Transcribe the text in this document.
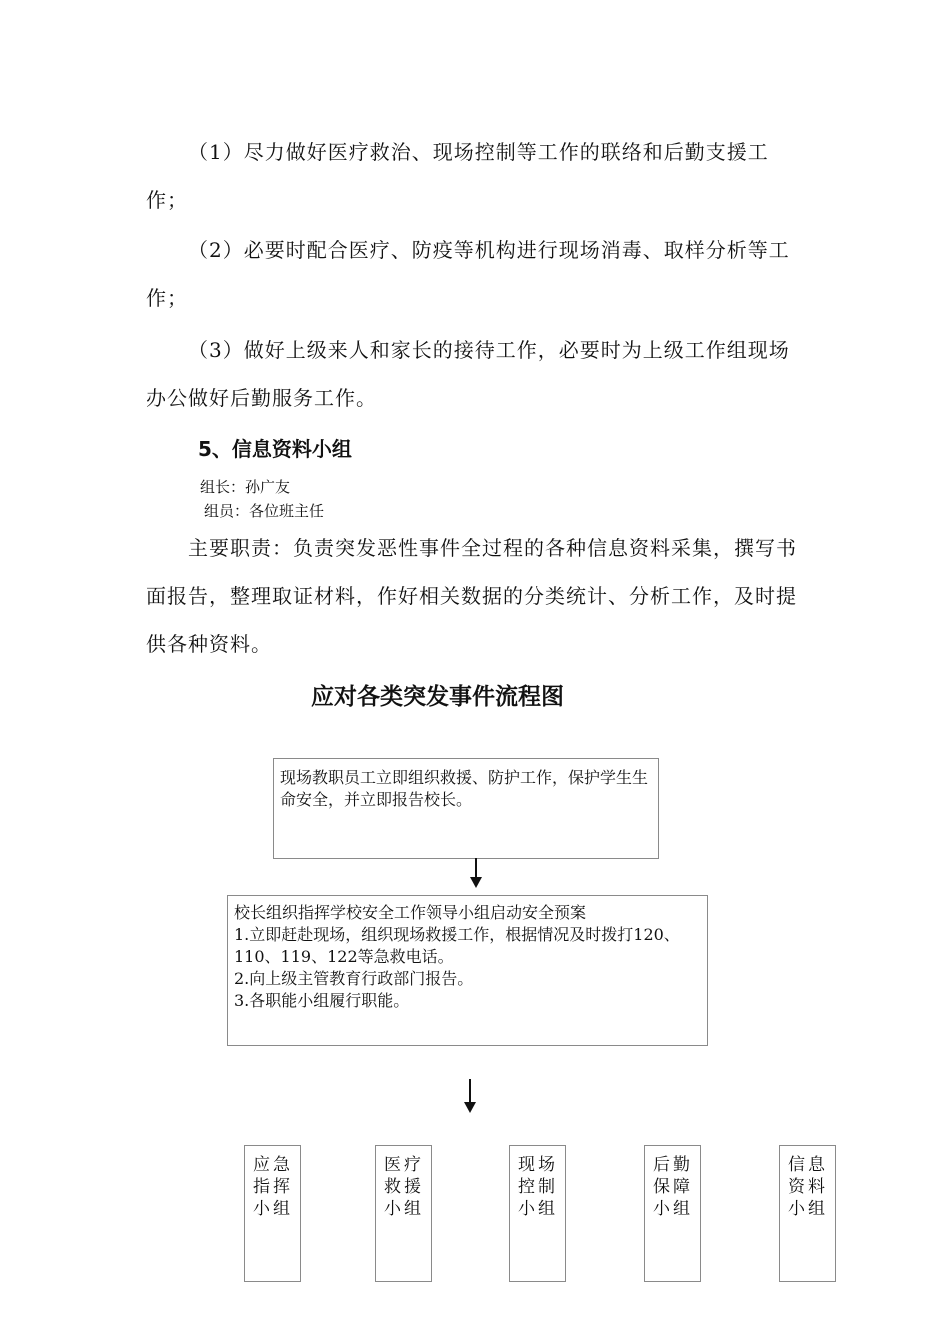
（1）尽力做好医疗救治、现场控制等工作的联络和后勤支援工作；

（2）必要时配合医疗、防疫等机构进行现场消毒、取样分析等工作；

（3）做好上级来人和家长的接待工作，必要时为上级工作组现场办公做好后勤服务工作。

5、信息资料小组

组长：孙广友

组员：各位班主任

主要职责：负责突发恶性事件全过程的各种信息资料采集，撰写书面报告，整理取证材料，作好相关数据的分类统计、分析工作，及时提供各种资料。

应对各类突发事件流程图
现场教职员工立即组织救援、防护工作，保护学生生命安全，并立即报告校长。
校长组织指挥学校安全工作领导小组启动安全预案
1.立即赶赴现场，组织现场救援工作，根据情况及时拨打120、110、119、122等急救电话。
2.向上级主管教育行政部门报告。
3.各职能小组履行职能。
应急
指挥
小组
医疗
救援
小组
现场
控制
小组
后勤
保障
小组
信息
资料
小组
